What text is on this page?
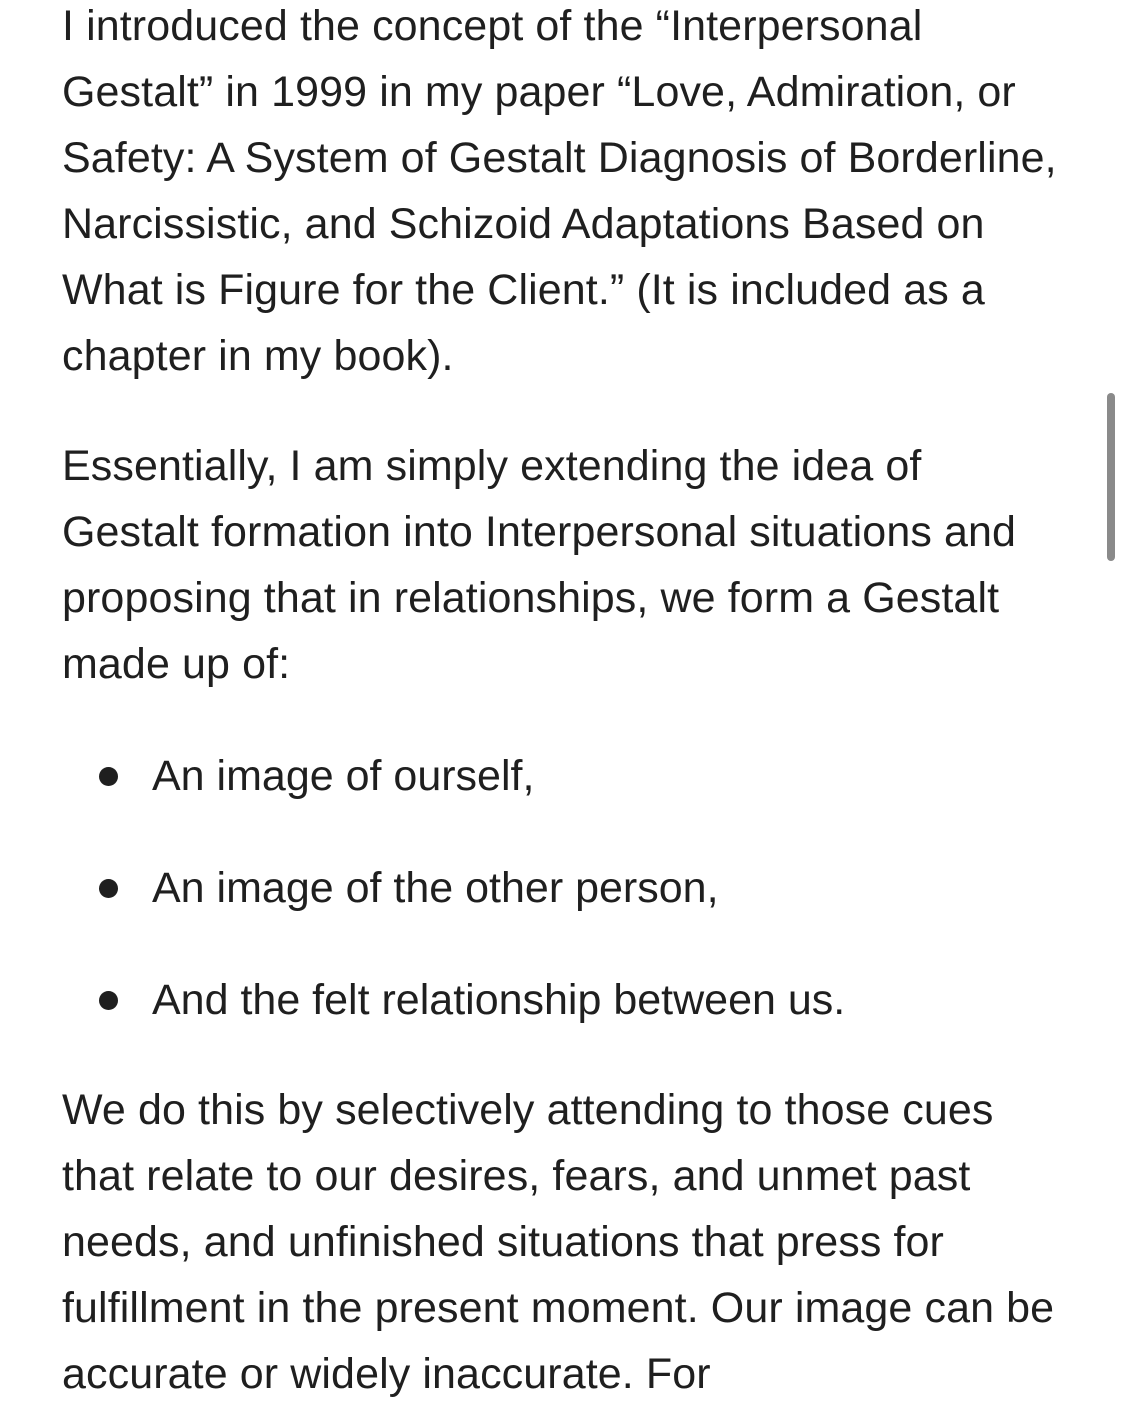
I introduced the concept of the “Interpersonal Gestalt” in 1999 in my paper “Love, Admiration, or Safety: A System of Gestalt Diagnosis of Borderline, Narcissistic, and Schizoid Adaptations Based on What is Figure for the Client.” (It is included as a chapter in my book).

Essentially, I am simply extending the idea of Gestalt formation into Interpersonal situations and proposing that in relationships, we form a Gestalt made up of:

An image of ourself,
An image of the other person,
And the felt relationship between us.

We do this by selectively attending to those cues that relate to our desires, fears, and unmet past needs, and unfinished situations that press for fulfillment in the present moment. Our image can be accurate or widely inaccurate. For
